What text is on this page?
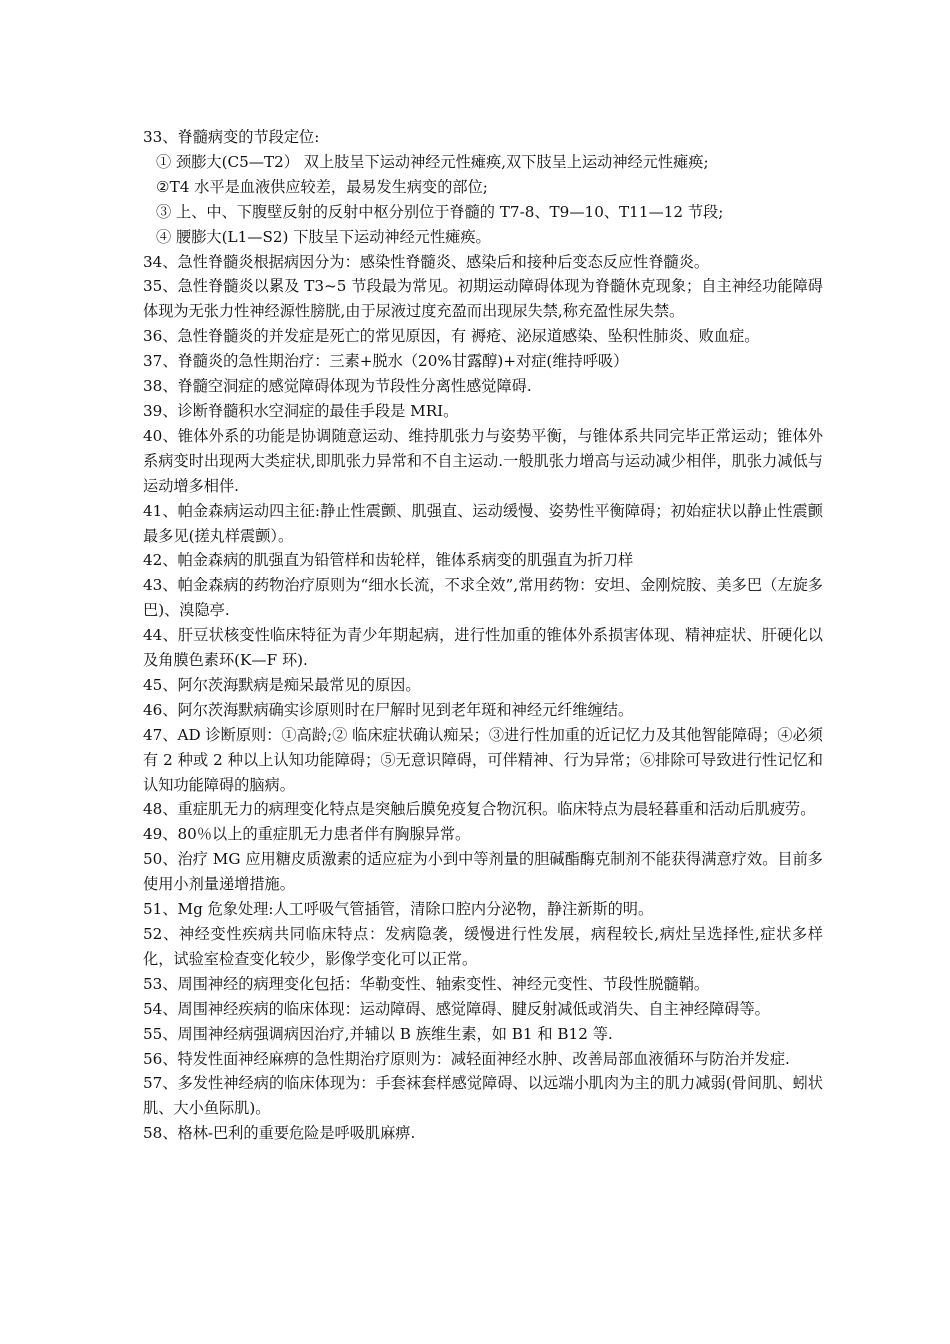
33、脊髓病变的节段定位:

① 颈膨大(C5—T2） 双上肢呈下运动神经元性瘫痪,双下肢呈上运动神经元性瘫痪;

②T4 水平是血液供应较差，最易发生病变的部位;

③ 上、中、下腹壁反射的反射中枢分别位于脊髓的 T7-8、T9—10、T11—12 节段;

④ 腰膨大(L1—S2) 下肢呈下运动神经元性瘫痪。

34、急性脊髓炎根据病因分为：感染性脊髓炎、感染后和接种后变态反应性脊髓炎。

35、急性脊髓炎以累及 T3~5 节段最为常见。初期运动障碍体现为脊髓休克现象；自主神经功能障碍体现为无张力性神经源性膀胱,由于尿液过度充盈而出现尿失禁,称充盈性尿失禁。

36、急性脊髓炎的并发症是死亡的常见原因，有 褥疮、泌尿道感染、坠积性肺炎、败血症。

37、脊髓炎的急性期治疗：三素+脱水（20%甘露醇)+对症(维持呼吸）

38、脊髓空洞症的感觉障碍体现为节段性分离性感觉障碍.

39、诊断脊髓积水空洞症的最佳手段是 MRI。

40、锥体外系的功能是协调随意运动、维持肌张力与姿势平衡，与锥体系共同完毕正常运动；锥体外系病变时出现两大类症状,即肌张力异常和不自主运动.一般肌张力增高与运动减少相伴，肌张力减低与运动增多相伴.

41、帕金森病运动四主征:静止性震颤、肌强直、运动缓慢、姿势性平衡障碍；初始症状以静止性震颤最多见(搓丸样震颤）。

42、帕金森病的肌强直为铅管样和齿轮样，锥体系病变的肌强直为折刀样

43、帕金森病的药物治疗原则为“细水长流，不求全效”,常用药物：安坦、金刚烷胺、美多巴（左旋多巴)、溴隐亭.

44、肝豆状核变性临床特征为青少年期起病，进行性加重的锥体外系损害体现、精神症状、肝硬化以及角膜色素环(K—F 环).

45、阿尔茨海默病是痴呆最常见的原因。

46、阿尔茨海默病确实诊原则时在尸解时见到老年斑和神经元纤维缠结。

47、AD 诊断原则：①高龄;② 临床症状确认痴呆；③进行性加重的近记忆力及其他智能障碍；④必须有 2 种或 2 种以上认知功能障碍；⑤无意识障碍，可伴精神、行为异常；⑥排除可导致进行性记忆和认知功能障碍的脑病。

48、重症肌无力的病理变化特点是突触后膜免疫复合物沉积。临床特点为晨轻暮重和活动后肌疲劳。

49、80％以上的重症肌无力患者伴有胸腺异常。

50、治疗 MG 应用糖皮质激素的适应症为小到中等剂量的胆碱酯酶克制剂不能获得满意疗效。目前多使用小剂量递增措施。

51、Mg 危象处理:人工呼吸气管插管，清除口腔内分泌物，静注新斯的明。

52、神经变性疾病共同临床特点：发病隐袭，缓慢进行性发展，病程较长,病灶呈选择性,症状多样化，试验室检查变化较少，影像学变化可以正常。

53、周围神经的病理变化包括：华勒变性、轴索变性、神经元变性、节段性脱髓鞘。

54、周围神经疾病的临床体现：运动障碍、感觉障碍、腱反射减低或消失、自主神经障碍等。

55、周围神经病强调病因治疗,并辅以 B 族维生素，如 B1 和 B12 等.

56、特发性面神经麻痹的急性期治疗原则为：减轻面神经水肿、改善局部血液循环与防治并发症.

57、多发性神经病的临床体现为：手套袜套样感觉障碍、以远端小肌肉为主的肌力减弱(骨间肌、蚓状肌、大小鱼际肌)。

58、格林-巴利的重要危险是呼吸肌麻痹.
